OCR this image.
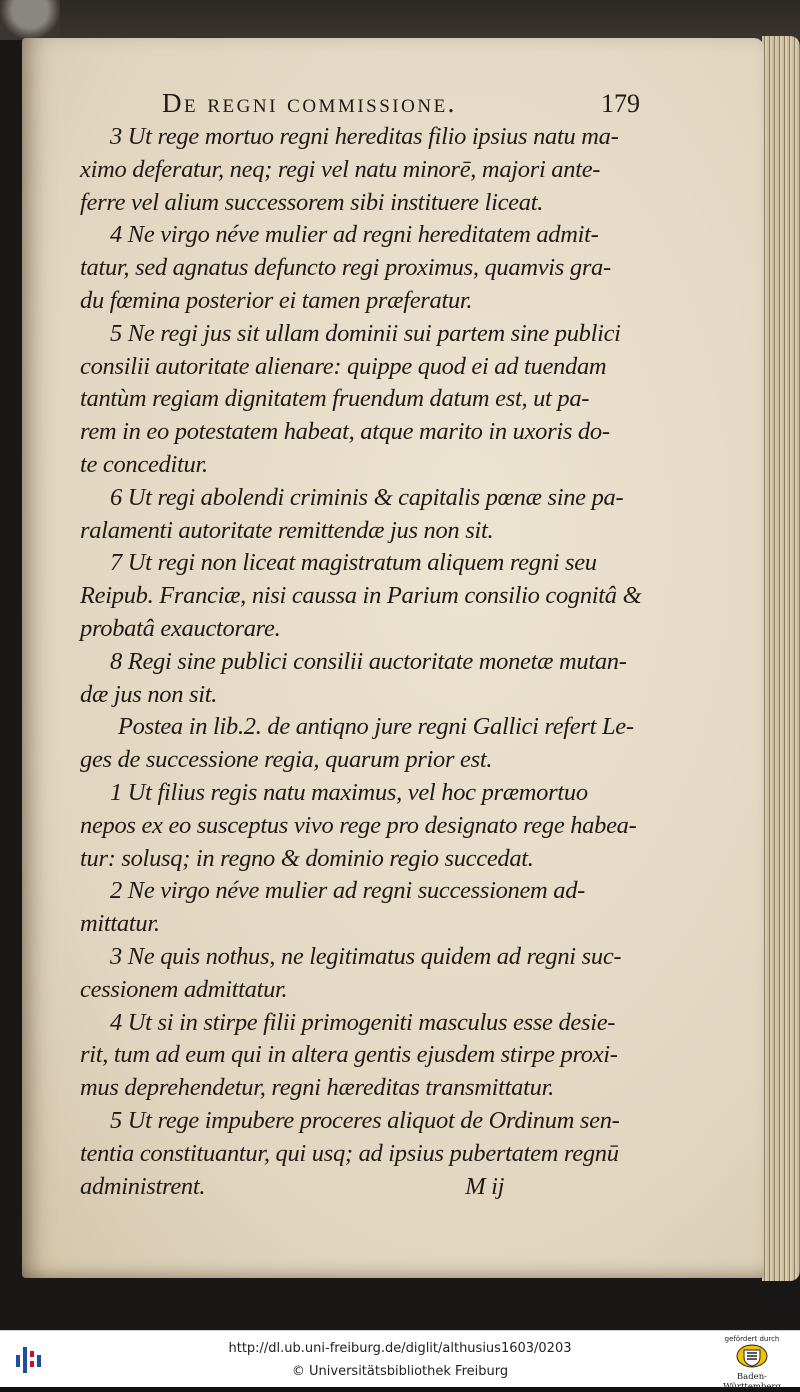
De regni commissione.	179
3 Ut rege mortuo regni hereditas filio ipsius natu ma-
ximo deferatur, neq; regi vel natu minorē, majori ante-
ferre vel alium successorem sibi instituere liceat.
4 Ne virgo néve mulier ad regni hereditatem admit-
tatur, sed agnatus defuncto regi proximus, quamvis gra-
du fœmina posterior ei tamen præferatur.
5 Ne regi jus sit ullam dominii sui partem sine publici
consilii autoritate alienare: quippe quod ei ad tuendam
tantùm regiam dignitatem fruendum datum est, ut pa-
rem in eo potestatem habeat, atque marito in uxoris do-
te conceditur.
6 Ut regi abolendi criminis & capitalis pœnæ sine pa-
ralamenti autoritate remittendæ jus non sit.
7 Ut regi non liceat magistratum aliquem regni seu
Reipub. Franciæ, nisi caussa in Parium consilio cognitâ &
probatâ exauctorare.
8 Regi sine publici consilii auctoritate monetæ mutan-
dæ jus non sit.
Postea in lib.2. de antiqno jure regni Gallici refert Le-
ges de successione regia, quarum prior est.
1 Ut filius regis natu maximus, vel hoc præmortuo
nepos ex eo susceptus vivo rege pro designato rege habea-
tur: solusq; in regno & dominio regio succedat.
2 Ne virgo néve mulier ad regni successionem ad-
mittatur.
3 Ne quis nothus, ne legitimatus quidem ad regni suc-
cessionem admittatur.
4 Ut si in stirpe filii primogeniti masculus esse desie-
rit, tum ad eum qui in altera gentis ejusdem stirpe proxi-
mus deprehendetur, regni hæreditas transmittatur.
5 Ut rege impubere proceres aliquot de Ordinum sen-
tentia constituantur, qui usq; ad ipsius pubertatem regnū
administrent.	M ij
http://dl.ub.uni-freiburg.de/diglit/althusius1603/0203
© Universitätsbibliothek Freiburg
gefördert durch
Baden-Württemberg
